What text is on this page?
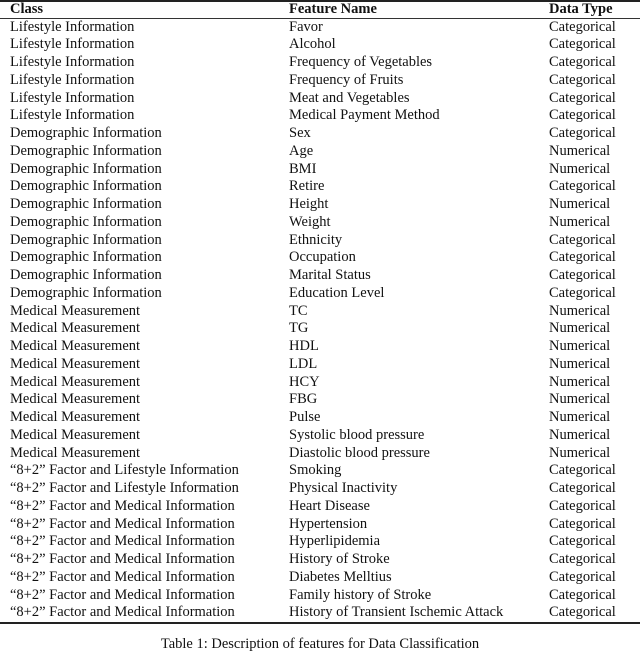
Class	Feature Name	Data Type
Lifestyle Information	Favor	Categorical
Lifestyle Information	Alcohol	Categorical
Lifestyle Information	Frequency of Vegetables	Categorical
Lifestyle Information	Frequency of Fruits	Categorical
Lifestyle Information	Meat and Vegetables	Categorical
Lifestyle Information	Medical Payment Method	Categorical
Demographic Information	Sex	Categorical
Demographic Information	Age	Numerical
Demographic Information	BMI	Numerical
Demographic Information	Retire	Categorical
Demographic Information	Height	Numerical
Demographic Information	Weight	Numerical
Demographic Information	Ethnicity	Categorical
Demographic Information	Occupation	Categorical
Demographic Information	Marital Status	Categorical
Demographic Information	Education Level	Categorical
Medical Measurement	TC	Numerical
Medical Measurement	TG	Numerical
Medical Measurement	HDL	Numerical
Medical Measurement	LDL	Numerical
Medical Measurement	HCY	Numerical
Medical Measurement	FBG	Numerical
Medical Measurement	Pulse	Numerical
Medical Measurement	Systolic blood pressure	Numerical
Medical Measurement	Diastolic blood pressure	Numerical
“8+2” Factor and Lifestyle Information	Smoking	Categorical
“8+2” Factor and Lifestyle Information	Physical Inactivity	Categorical
“8+2” Factor and Medical Information	Heart Disease	Categorical
“8+2” Factor and Medical Information	Hypertension	Categorical
“8+2” Factor and Medical Information	Hyperlipidemia	Categorical
“8+2” Factor and Medical Information	History of Stroke	Categorical
“8+2” Factor and Medical Information	Diabetes Melltius	Categorical
“8+2” Factor and Medical Information	Family history of Stroke	Categorical
“8+2” Factor and Medical Information	History of Transient Ischemic Attack	Categorical
Table 1: Description of features for Data Classification
